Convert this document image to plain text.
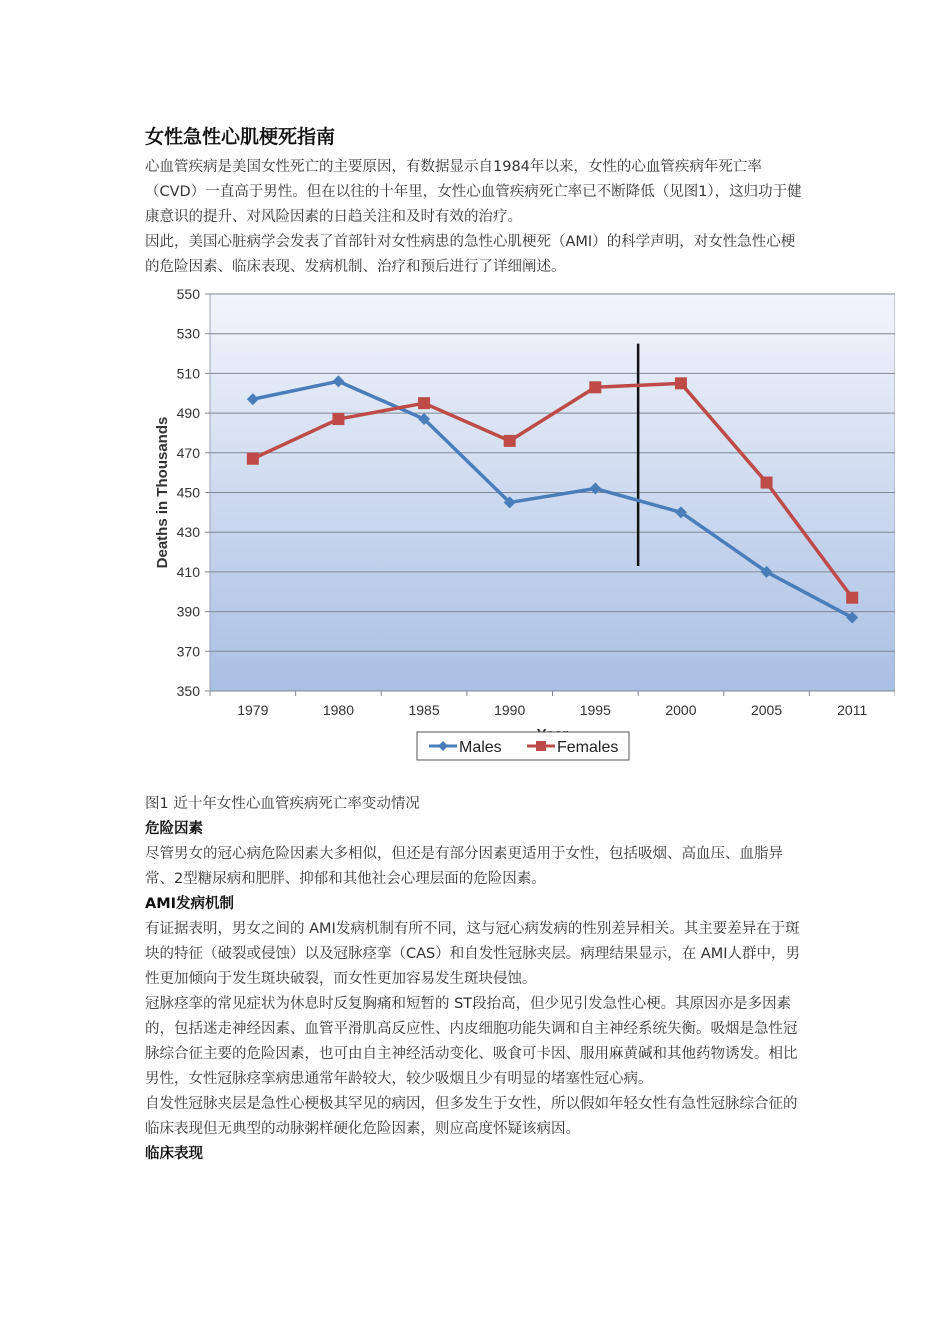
女性急性心肌梗死指南

心血管疾病是美国女性死亡的主要原因，有数据显示自1984年以来，女性的心血管疾病年死亡率（CVD）一直高于男性。但在以往的十年里，女性心血管疾病死亡率已不断降低（见图1），这归功于健康意识的提升、对风险因素的日趋关注和及时有效的治疗。

因此，美国心脏病学会发表了首部针对女性病患的急性心肌梗死（AMI）的科学声明，对女性急性心梗的危险因素、临床表现、发病机制、治疗和预后进行了详细阐述。

350
370
390
410
430
450
470
490
510
530
550
1979	1980	1985	1990	1995	2000	2005	2011
Deaths in Thousands
Males	Females

图1 近十年女性心血管疾病死亡率变动情况

危险因素

尽管男女的冠心病危险因素大多相似，但还是有部分因素更适用于女性，包括吸烟、高血压、血脂异常、2型糖尿病和肥胖、抑郁和其他社会心理层面的危险因素。

AMI发病机制

有证据表明，男女之间的 AMI发病机制有所不同，这与冠心病发病的性别差异相关。其主要差异在于斑块的特征（破裂或侵蚀）以及冠脉痉挛（CAS）和自发性冠脉夹层。病理结果显示，在 AMI人群中，男性更加倾向于发生斑块破裂，而女性更加容易发生斑块侵蚀。

冠脉痉挛的常见症状为休息时反复胸痛和短暂的 ST段抬高，但少见引发急性心梗。其原因亦是多因素的，包括迷走神经因素、血管平滑肌高反应性、内皮细胞功能失调和自主神经系统失衡。吸烟是急性冠脉综合征主要的危险因素，也可由自主神经活动变化、吸食可卡因、服用麻黄碱和其他药物诱发。相比男性，女性冠脉痉挛病患通常年龄较大，较少吸烟且少有明显的堵塞性冠心病。

自发性冠脉夹层是急性心梗极其罕见的病因，但多发生于女性，所以假如年轻女性有急性冠脉综合征的临床表现但无典型的动脉粥样硬化危险因素，则应高度怀疑该病因。

临床表现
